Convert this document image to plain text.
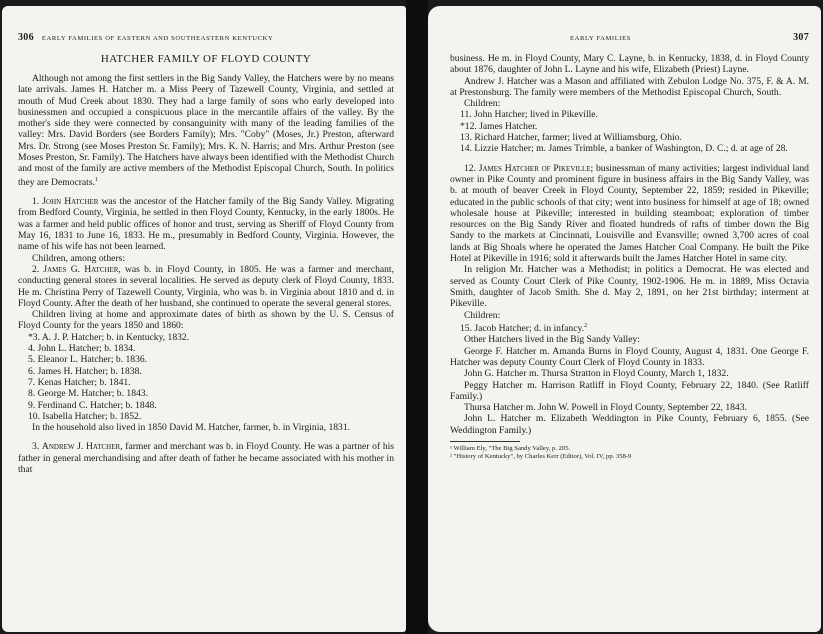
306 EARLY FAMILIES OF EASTERN AND SOUTHEASTERN KENTUCKY
HATCHER FAMILY OF FLOYD COUNTY

Although not among the first settlers in the Big Sandy Valley, the Hatchers were by no means late arrivals. James H. Hatcher m. a Miss Peery of Tazewell County, Virginia, and settled at mouth of Mud Creek about 1830. They had a large family of sons who early developed into businessmen and occupied a conspicuous place in the mercantile affairs of the valley. By the mother's side they were connected by consanguinity with many of the leading families of the valley: Mrs. David Borders (see Borders Family); Mrs. "Coby" (Moses, Jr.) Preston, afterward Mrs. Dr. Strong (see Moses Preston Sr. Family); Mrs. K. N. Harris; and Mrs. Arthur Preston (see Moses Preston, Sr. Family). The Hatchers have always been identified with the Methodist Church and most of the family are active members of the Methodist Episcopal Church, South. In politics they are Democrats.$^1$

1. John Hatcher was the ancestor of the Hatcher family of the Big Sandy Valley. Migrating from Bedford County, Virginia, he settled in then Floyd County, Kentucky, in the early 1800s. He was a farmer and held public offices of honor and trust, serving as Sheriff of Floyd County from May 16, 1831 to June 16, 1833. He m., presumably in Bedford County, Virginia. However, the name of his wife has not been learned.

Children, among others:

2. James G. Hatcher, was b. in Floyd County, in 1805. He was a farmer and merchant, conducting general stores in several localities. He served as deputy clerk of Floyd County, 1833. He m. Christina Perry of Tazewell County, Virginia, who was b. in Virginia about 1810 and d. in Floyd County. After the death of her husband, she continued to operate the several general stores.

Children living at home and approximate dates of birth as shown by the U. S. Census of Floyd County for the years 1850 and 1860:

*3. A. J. P. Hatcher; b. in Kentucky, 1832.

4. John L. Hatcher; b. 1834.

5. Eleanor L. Hatcher; b. 1836.

6. James H. Hatcher; b. 1838.

7. Kenas Hatcher; b. 1841.

8. George M. Hatcher; b. 1843.

9. Ferdinand C. Hatcher; b. 1848.

10. Isabella Hatcher; b. 1852.

In the household also lived in 1850 David M. Hatcher, farmer, b. in Virginia, 1831.

3. Andrew J. Hatcher, farmer and merchant was b. in Floyd County. He was a partner of his father in general merchandising and after death of father he became associated with his mother in that

EARLY FAMILIES	307

business. He m. in Floyd County, Mary C. Layne, b. in Kentucky, 1838, d. in Floyd County about 1876, daughter of John L. Layne and his wife, Elizabeth (Priest) Layne.

Andrew J. Hatcher was a Mason and affiliated with Zebulon Lodge No. 375, F. & A. M. at Prestonsburg. The family were members of the Methodist Episcopal Church, South.

Children:

11. John Hatcher; lived in Pikeville.

*12. James Hatcher.

13. Richard Hatcher, farmer; lived at Williamsburg, Ohio.

14. Lizzie Hatcher; m. James Trimble, a banker of Washington, D. C.; d. at age of 28.

12. James Hatcher of Pikeville; businessman of many activities; largest individual land owner in Pike County and prominent figure in business affairs in the Big Sandy Valley, was b. at mouth of beaver Creek in Floyd County, September 22, 1859; resided in Pikeville; educated in the public schools of that city; went into business for himself at age of 18; owned wholesale house at Pikeville; interested in building steamboat; exploration of timber resources on the Big Sandy River and floated hundreds of rafts of timber down the Big Sandy to the markets at Cincinnati, Louisville and Evansville; owned 3,700 acres of coal lands at Big Shoals where he operated the James Hatcher Coal Company. He built the Pike Hotel at Pikeville in 1916; sold it afterwards built the James Hatcher Hotel in same city.

In religion Mr. Hatcher was a Methodist; in politics a Democrat. He was elected and served as County Court Clerk of Pike County, 1902-1906. He m. in 1889, Miss Octavia Smith, daughter of Jacob Smith. She d. May 2, 1891, on her 21st birthday; interment at Pikeville.

Children:

15. Jacob Hatcher; d. in infancy.$^2$

Other Hatchers lived in the Big Sandy Valley:

George F. Hatcher m. Amanda Burns in Floyd County, August 4, 1831. One George F. Hatcher was deputy County Court Clerk of Floyd County in 1833.

John G. Hatcher m. Thursa Stratton in Floyd County, March 1, 1832.

Peggy Hatcher m. Harrison Ratliff in Floyd County, February 22, 1840. (See Ratliff Family.)

Thursa Hatcher m. John W. Powell in Floyd County, September 22, 1843.

John L. Hatcher m. Elizabeth Weddington in Pike County, February 6, 1855. (See Weddington Family.)

¹ William Ely, "The Big Sandy Valley, p. 205.

² "History of Kentucky", by Charles Kerr (Editor), Vol. IV, pp. 358-9
